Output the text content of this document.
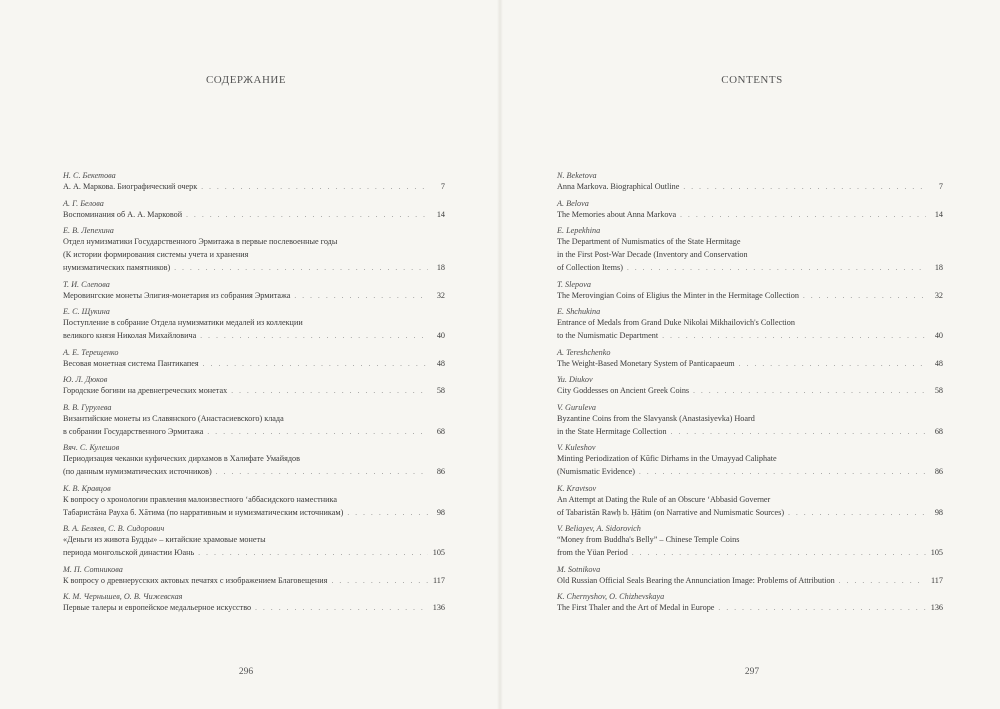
СОДЕРЖАНИЕ
Н. С. Бекетова
А. А. Маркова. Биографический очерк . . .	7
А. Г. Белова
Воспоминания об А. А. Марковой . . .	14
Е. В. Лепехина
Отдел нумизматики Государственного Эрмитажа в первые послевоенные годы
(К истории формирования системы учета и хранения
нумизматических памятников) . . .	18
Т. И. Слепова
Меровингские монеты Элигия-монетария из собрания Эрмитажа . . .	32
Е. С. Щукина
Поступление в собрание Отдела нумизматики медалей из коллекции
великого князя Николая Михайловича . . .	40
А. Е. Терещенко
Весовая монетная система Пантикапея . . .	48
Ю. Л. Дюков
Городские богини на древнегреческих монетах . . .	58
В. В. Гурулева
Византийские монеты из Славянского (Анастасиевского) клада
в собрании Государственного Эрмитажа . . .	68
Вяч. С. Кулешов
Периодизация чеканки куфических дирхамов в Халифате Умайядов
(по данным нумизматических источников) . . .	86
К. В. Кравцов
К вопросу о хронологии правления малоизвестного ʻаббасидского наместника
Табаристāна Рауха б. Хāтима (по нарративным и нумизматическим источникам) . . .	98
В. А. Беляев, С. В. Сидорович
«Деньги из живота Будды» – китайские храмовые монеты
периода монгольской династии Юань . . .	105
М. П. Сотникова
К вопросу о древнерусских актовых печатях с изображением Благовещения . . .	117
К. М. Чернышев, О. В. Чижевская
Первые талеры и европейское медальерное искусство . . .	136
296
CONTENTS
N. Beketova
Anna Markova. Biographical Outline . . .	7
A. Belova
The Memories about Anna Markova . . .	14
E. Lepekhina
The Department of Numismatics of the State Hermitage
in the First Post-War Decade (Inventory and Conservation
of Collection Items) . . .	18
T. Slepova
The Merovingian Coins of Eligius the Minter in the Hermitage Collection . . .	32
E. Shchukina
Entrance of Medals from Grand Duke Nikolai Mikhailovich's Collection
to the Numismatic Department . . .	40
A. Tereshchenko
The Weight-Based Monetary System of Panticapaeum . . .	48
Yu. Diukov
City Goddesses on Ancient Greek Coins . . .	58
V. Guruleva
Byzantine Coins from the Slavyansk (Anastasiyevka) Hoard
in the State Hermitage Collection . . .	68
V. Kuleshov
Minting Periodization of Kūfic Dirhams in the Umayyad Caliphate
(Numismatic Evidence) . . .	86
K. Kravtsov
An Attempt at Dating the Rule of an Obscure ʻAbbasid Governer
of Tabaristān Rawḥ b. Ḥātim (on Narrative and Numismatic Sources) . . .	98
V. Beliayev, A. Sidorovich
“Money from Buddha's Belly” – Chinese Temple Coins
from the Yüan Period . . .	105
M. Sotnikova
Old Russian Official Seals Bearing the Annunciation Image: Problems of Attribution . . .	117
K. Chernyshov, O. Chizhevskaya
The First Thaler and the Art of Medal in Europe . . .	136
297
